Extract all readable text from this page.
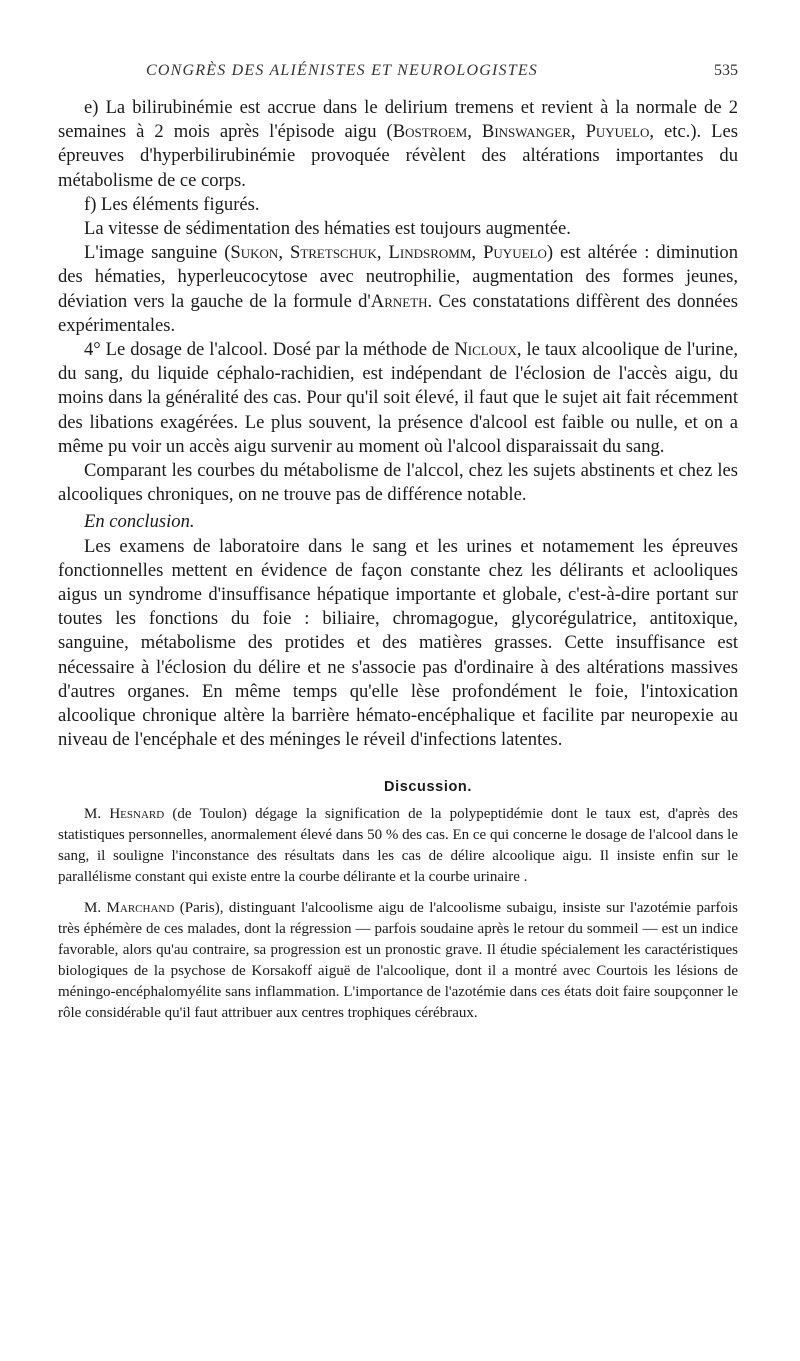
CONGRÈS DES ALIÉNISTES ET NEUROLOGISTES	535

e) La bilirubinémie est accrue dans le delirium tremens et revient à la normale de 2 semaines à 2 mois après l'épisode aigu (Bostroem, Binswanger, Puyuelo, etc.). Les épreuves d'hyperbilirubinémie provoquée révèlent des altérations importantes du métabolisme de ce corps.

f) Les éléments figurés.

La vitesse de sédimentation des hématies est toujours augmentée.

L'image sanguine (Sukon, Stretschuk, Lindsromm, Puyuelo) est altérée : diminution des hématies, hyperleucocytose avec neutrophilie, augmentation des formes jeunes, déviation vers la gauche de la formule d'Arneth. Ces constatations diffèrent des données expérimentales.

4° Le dosage de l'alcool. Dosé par la méthode de Nicloux, le taux alcoolique de l'urine, du sang, du liquide céphalo-rachidien, est indépendant de l'éclosion de l'accès aigu, du moins dans la généralité des cas. Pour qu'il soit élevé, il faut que le sujet ait fait récemment des libations exagérées. Le plus souvent, la présence d'alcool est faible ou nulle, et on a même pu voir un accès aigu survenir au moment où l'alcool disparaissait du sang.

Comparant les courbes du métabolisme de l'alccol, chez les sujets abstinents et chez les alcooliques chroniques, on ne trouve pas de différence notable.

En conclusion.

Les examens de laboratoire dans le sang et les urines et notamement les épreuves fonctionnelles mettent en évidence de façon constante chez les délirants et aclooliques aigus un syndrome d'insuffisance hépatique importante et globale, c'est-à-dire portant sur toutes les fonctions du foie : biliaire, chromagogue, glycorégulatrice, antitoxique, sanguine, métabolisme des protides et des matières grasses. Cette insuffisance est nécessaire à l'éclosion du délire et ne s'associe pas d'ordinaire à des altérations massives d'autres organes. En même temps qu'elle lèse profondément le foie, l'intoxication alcoolique chronique altère la barrière hémato-encéphalique et facilite par neuropexie au niveau de l'encéphale et des méninges le réveil d'infections latentes.

Discussion.

M. Hesnard (de Toulon) dégage la signification de la polypeptidémie dont le taux est, d'après des statistiques personnelles, anormalement élevé dans 50 % des cas. En ce qui concerne le dosage de l'alcool dans le sang, il souligne l'inconstance des résultats dans les cas de délire alcoolique aigu. Il insiste enfin sur le parallélisme constant qui existe entre la courbe délirante et la courbe urinaire .

M. Marchand (Paris), distinguant l'alcoolisme aigu de l'alcoolisme subaigu, insiste sur l'azotémie parfois très éphémère de ces malades, dont la régression — parfois soudaine après le retour du sommeil — est un indice favorable, alors qu'au contraire, sa progression est un pronostic grave. Il étudie spécialement les caractéristiques biologiques de la psychose de Korsakoff aiguë de l'alcoolique, dont il a montré avec Courtois les lésions de méningo-encéphalomyélite sans inflammation. L'importance de l'azotémie dans ces états doit faire soupçonner le rôle considérable qu'il faut attribuer aux centres trophiques cérébraux.
